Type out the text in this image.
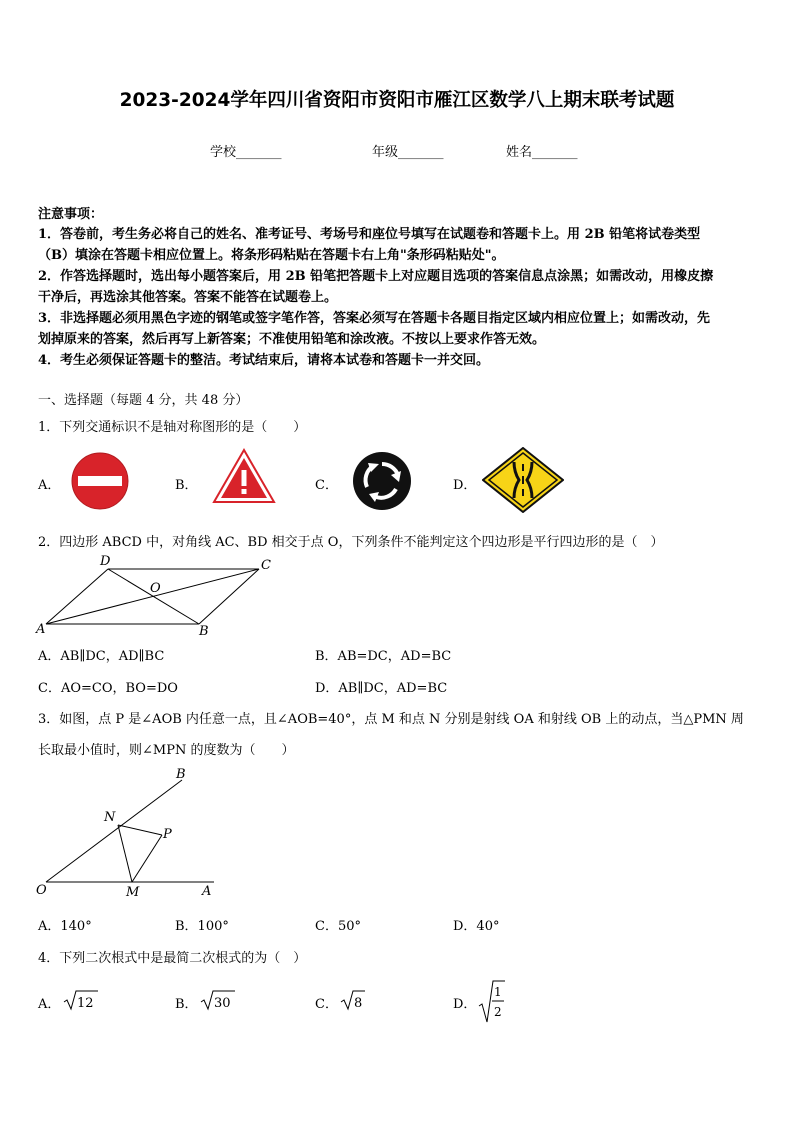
2023-2024学年四川省资阳市资阳市雁江区数学八上期末联考试题
学校_______	年级_______	姓名_______
注意事项：
1．答卷前，考生务必将自己的姓名、准考证号、考场号和座位号填写在试题卷和答题卡上。用 2B 铅笔将试卷类型
（B）填涂在答题卡相应位置上。将条形码粘贴在答题卡右上角"条形码粘贴处"。
2．作答选择题时，选出每小题答案后，用 2B 铅笔把答题卡上对应题目选项的答案信息点涂黑；如需改动，用橡皮擦
干净后，再选涂其他答案。答案不能答在试题卷上。
3．非选择题必须用黑色字迹的钢笔或签字笔作答，答案必须写在答题卡各题目指定区域内相应位置上；如需改动，先
划掉原来的答案，然后再写上新答案；不准使用铅笔和涂改液。不按以上要求作答无效。
4．考生必须保证答题卡的整洁。考试结束后，请将本试卷和答题卡一并交回。
一、选择题（每题 4 分，共 48 分）
1．下列交通标识不是轴对称图形的是（　　）
A．	B．	C．	D．
2．四边形 ABCD 中，对角线 AC、BD 相交于点 O，下列条件不能判定这个四边形是平行四边形的是（　）
D	C
O
A	B
A．AB∥DC，AD∥BC	B．AB=DC，AD=BC
C．AO=CO，BO=DO	D．AB∥DC，AD=BC
3．如图，点 P 是∠AOB 内任意一点，且∠AOB=40°，点 M 和点 N 分别是射线 OA 和射线 OB 上的动点，当△PMN 周
长取最小值时，则∠MPN 的度数为（　　）
B
N
P
O	M	A
A．140°	B．100°	C．50°	D．40°
4．下列二次根式中是最简二次根式的为（　）
A． 12	B． 30	C． 8	D．
1
2
